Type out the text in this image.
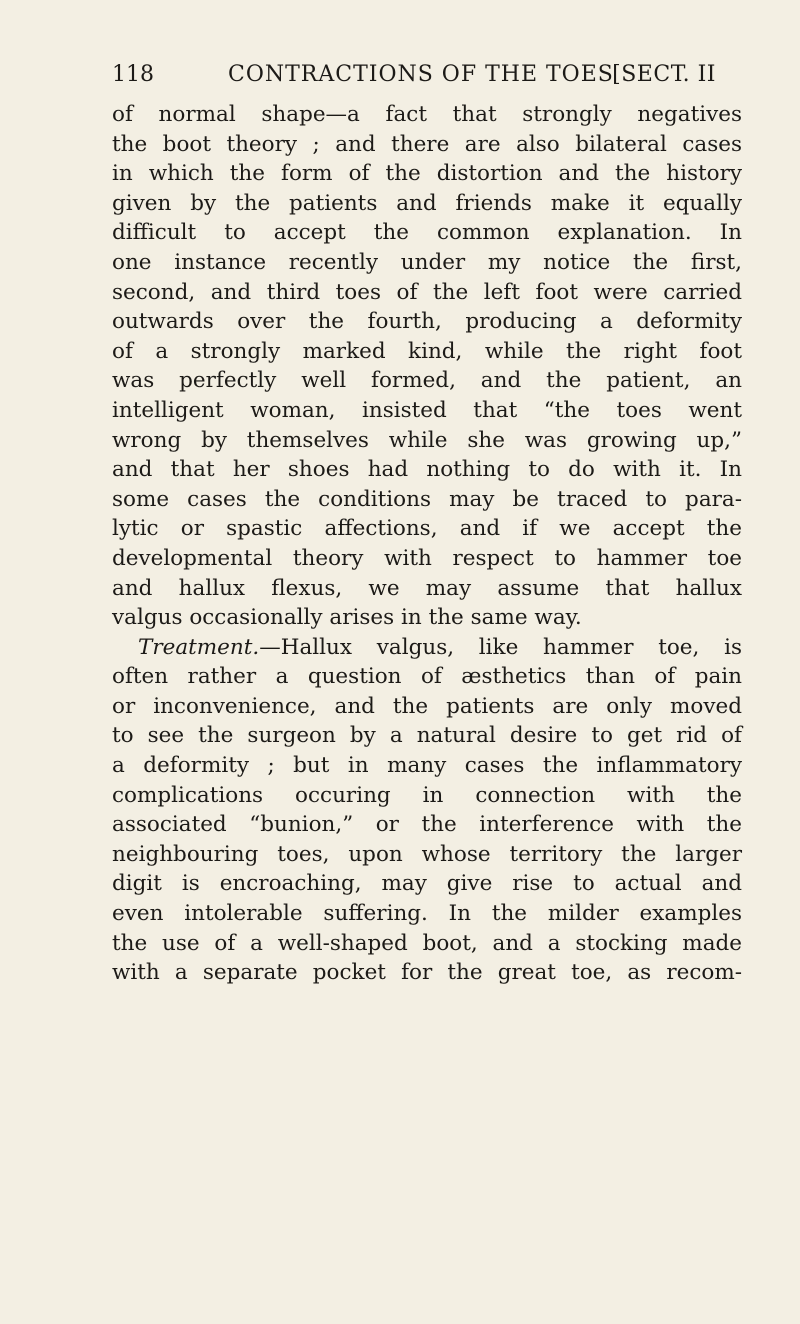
118	CONTRACTIONS OF THE TOES
[SECT. II
of normal shape—a fact that strongly negatives
the boot theory ; and there are also bilateral cases
in which the form of the distortion and the history
given by the patients and friends make it equally
difficult to accept the common explanation. In
one instance recently under my notice the first,
second, and third toes of the left foot were carried
outwards over the fourth, producing a deformity
of a strongly marked kind, while the right foot
was perfectly well formed, and the patient, an
intelligent woman, insisted that “the toes went
wrong by themselves while she was growing up,”
and that her shoes had nothing to do with it. In
some cases the conditions may be traced to para-
lytic or spastic affections, and if we accept the
developmental theory with respect to hammer toe
and hallux flexus, we may assume that hallux
valgus occasionally arises in the same way.
Treatment.—Hallux valgus, like hammer toe, is
often rather a question of æsthetics than of pain
or inconvenience, and the patients are only moved
to see the surgeon by a natural desire to get rid of
a deformity ; but in many cases the inflammatory
complications occuring in connection with the
associated “bunion,” or the interference with the
neighbouring toes, upon whose territory the larger
digit is encroaching, may give rise to actual and
even intolerable suffering. In the milder examples
the use of a well-shaped boot, and a stocking made
with a separate pocket for the great toe, as recom-
